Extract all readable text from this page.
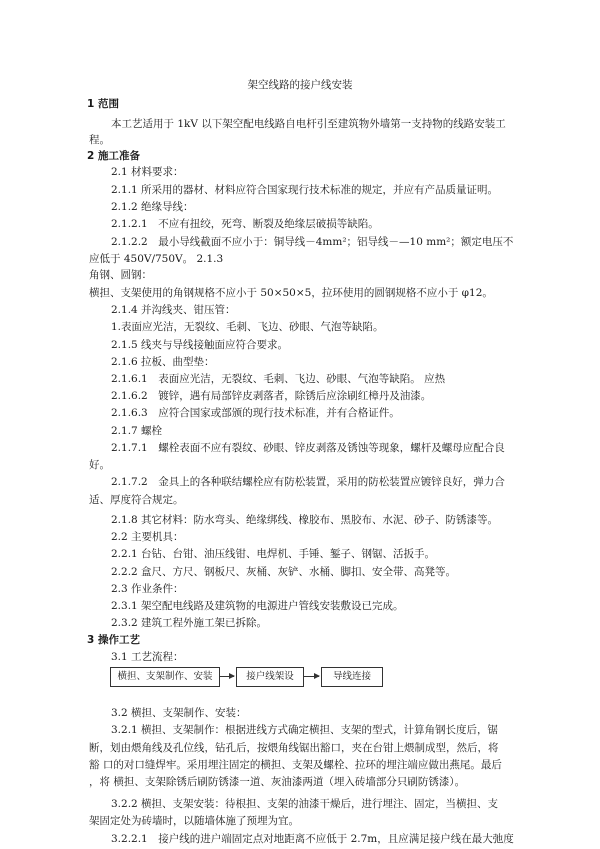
架空线路的接户线安装
1 范围
本工艺适用于 1kV 以下架空配电线路自电杆引至建筑物外墙第一支持物的线路安装工
程。
2 施工准备
2.1 材料要求：
2.1.1 所采用的器材、材料应符合国家现行技术标准的规定，并应有产品质量证明。
2.1.2 绝缘导线：
2.1.2.1　不应有扭绞，死弯、断裂及绝缘层破损等缺陷。
2.1.2.2　最小导线截面不应小于：铜导线－4mm²；铝导线－—10 mm²；额定电压不
应低于 450V/750V。 2.1.3
角钢、圆钢：
横担、支架使用的角钢规格不应小于 50×50×5，拉环使用的圆钢规格不应小于 φ12。
2.1.4 并沟线夹、钳压管：
1.表面应光洁，无裂纹、毛刺、飞边、砂眼、气泡等缺陷。
2.1.5 线夹与导线接触面应符合要求。
2.1.6 拉板、曲型垫：
2.1.6.1　表面应光洁，无裂纹、毛刺、飞边、砂眼、气泡等缺陷。 应热
2.1.6.2　镀锌，遇有局部锌皮剥落者，除锈后应涂刷红樟丹及油漆。
2.1.6.3　应符合国家或部颁的现行技术标准，并有合格证件。
2.1.7 螺栓
2.1.7.1　螺栓表面不应有裂纹、砂眼、锌皮剥落及锈蚀等现象，螺杆及螺母应配合良
好。
2.1.7.2　金具上的各种联结螺栓应有防松装置，采用的防松装置应镀锌良好，弹力合
适、厚度符合规定。
2.1.8 其它材料：防水弯头、绝缘绑线、橡胶布、黑胶布、水泥、砂子、防锈漆等。
2.2 主要机具：
2.2.1 台钻、台钳、油压线钳、电焊机、手锤、錾子、钢锯、活扳手。
2.2.2 盒尺、方尺、钢板尺、灰桶、灰铲、水桶、脚扣、安全带、高凳等。
2.3 作业条件：
2.3.1 架空配电线路及建筑物的电源进户管线安装敷设已完成。
2.3.2 建筑工程外施工架已拆除。
3 操作工艺
3.1 工艺流程：
横担、支架制作、安装	接户线架设	导线连接
3.2 横担、支架制作、安装：
3.2.1 横担、支架制作：根据进线方式确定横担、支架的型式，计算角钢长度后，锯
断，划由煨角线及孔位线，钻孔后，按煨角线锯出豁口，夹在台钳上煨制成型，然后，将
豁 口的对口缝焊牢。采用埋注固定的横担、支架及螺栓、拉环的埋注端应做出燕尾。最后
，将 横担、支架除锈后刷防锈漆一道、灰油漆两道（埋入砖墙部分只刷防锈漆）。
3.2.2 横担、支架安装：待根担、支架的油漆干燥后，进行埋注、固定，当横担、支
架固定处为砖墙时，以随墙体施了预埋为宜。
3.2.2.1　接户线的进户端固定点对地距离不应低于 2.7m，且应满足接户线在最大弛度
